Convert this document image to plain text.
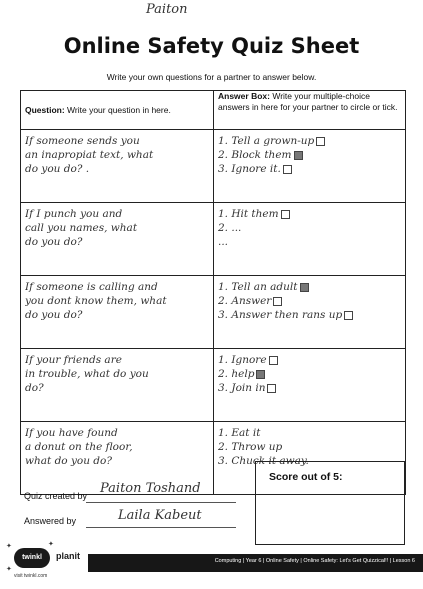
Paiton
Online Safety Quiz Sheet
Write your own questions for a partner to answer below.
Question: Write your question in here.	Answer Box: Write your multiple-choice answers in here for your partner to circle or tick.

If someone sends you
an inapropiat text, what
do you do? .	1. Tell a grown-up
2. Block them
3. Ignore it.

If I punch you and
call you names, what
do you do?	1. Hit them
2. ...
...

If someone is calling and
you dont know them, what
do you do?	1. Tell an adult
2. Answer
3. Answer then rans up

If your friends are
in trouble, what do you
do?	1. Ignore
2. help
3. Join in

If you have found
a donut on the floor,
what do you do?	1. Eat it
2. Throw up
3. Chuck it away.
Quiz created by Paiton Toshand
Answered by	Laila Kabeut
Score out of 5:
Computing | Year 6 | Online Safety | Online Safety: Let's Get Quizzical!! | Lesson 6
✦	✦
✦
twinkl	planit
visit twinkl.com
